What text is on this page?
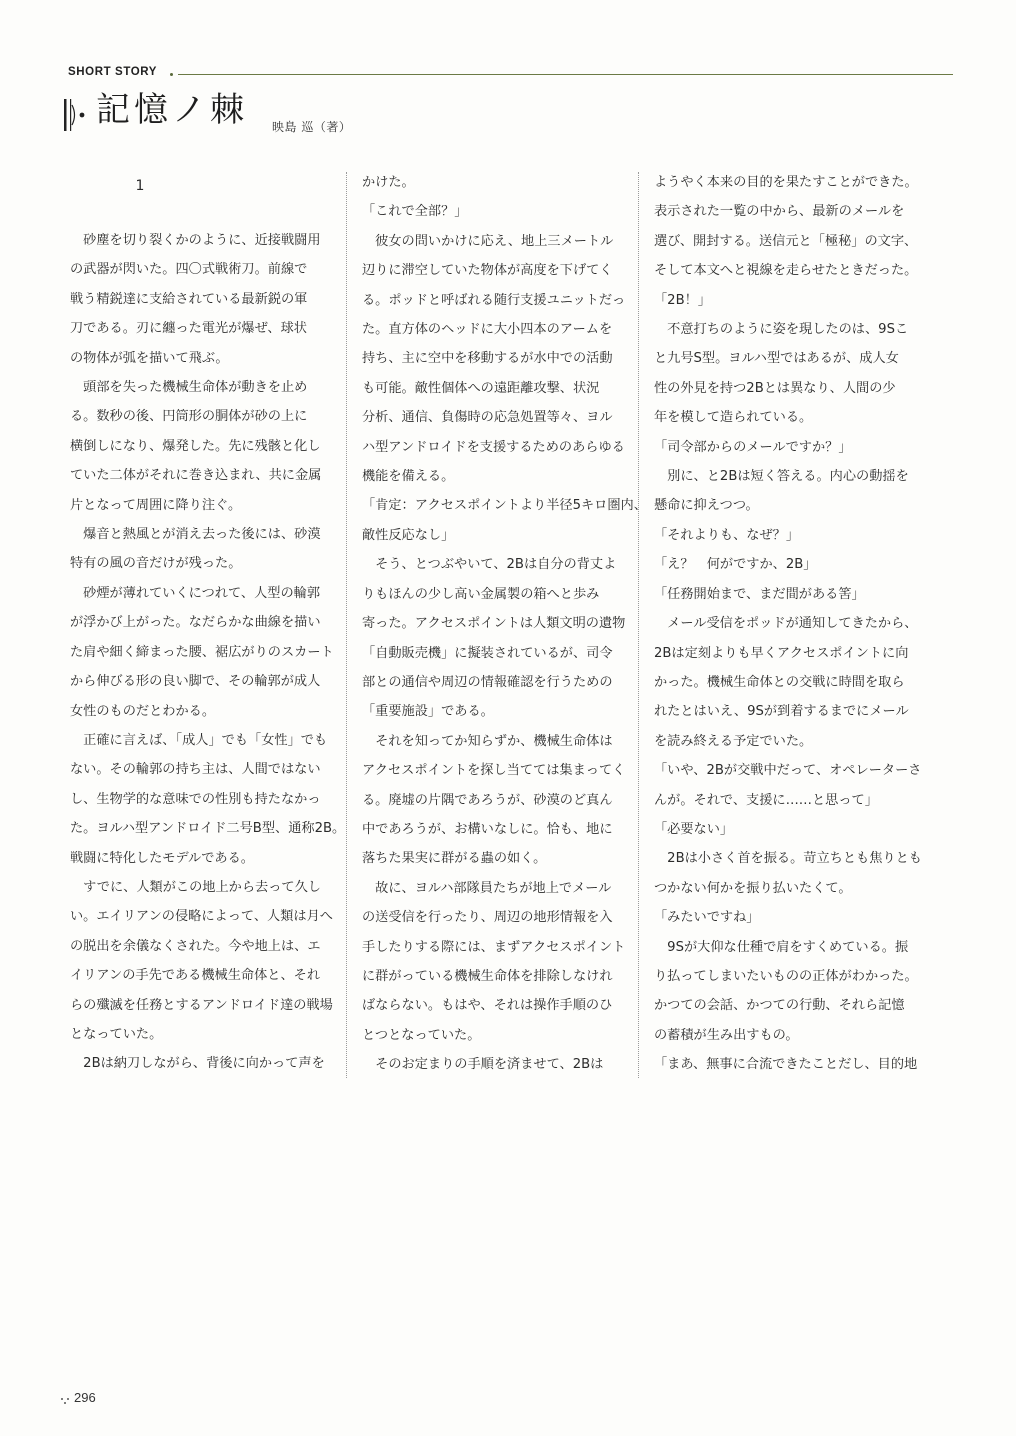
SHORT STORY
記憶ノ棘 映島 巡（著）
1

　砂塵を切り裂くかのように、近接戦闘用

の武器が閃いた。四〇式戦術刀。前線で

戦う精鋭達に支給されている最新鋭の軍

刀である。刃に纏った電光が爆ぜ、球状

の物体が弧を描いて飛ぶ。

　頭部を失った機械生命体が動きを止め

る。数秒の後、円筒形の胴体が砂の上に

横倒しになり、爆発した。先に残骸と化し

ていた二体がそれに巻き込まれ、共に金属

片となって周囲に降り注ぐ。

　爆音と熱風とが消え去った後には、砂漠

特有の風の音だけが残った。

　砂煙が薄れていくにつれて、人型の輪郭

が浮かび上がった。なだらかな曲線を描い

た肩や細く締まった腰、裾広がりのスカート

から伸びる形の良い脚で、その輪郭が成人

女性のものだとわかる。

　正確に言えば、「成人」でも「女性」でも

ない。その輪郭の持ち主は、人間ではない

し、生物学的な意味での性別も持たなかっ

た。ヨルハ型アンドロイド二号B型、通称2B。

戦闘に特化したモデルである。

　すでに、人類がこの地上から去って久し

い。エイリアンの侵略によって、人類は月へ

の脱出を余儀なくされた。今や地上は、エ

イリアンの手先である機械生命体と、それ

らの殲滅を任務とするアンドロイド達の戦場

となっていた。

　2Bは納刀しながら、背後に向かって声を

かけた。

「これで全部？」

　彼女の問いかけに応え、地上三メートル

辺りに滞空していた物体が高度を下げてく

る。ポッドと呼ばれる随行支援ユニットだっ

た。直方体のヘッドに大小四本のアームを

持ち、主に空中を移動するが水中での活動

も可能。敵性個体への遠距離攻撃、状況

分析、通信、負傷時の応急処置等々、ヨル

ハ型アンドロイドを支援するためのあらゆる

機能を備える。

「肯定：アクセスポイントより半径5キロ圏内、

敵性反応なし」

　そう、とつぶやいて、2Bは自分の背丈よ

りもほんの少し高い金属製の箱へと歩み

寄った。アクセスポイントは人類文明の遺物

「自動販売機」に擬装されているが、司令

部との通信や周辺の情報確認を行うための

「重要施設」である。

　それを知ってか知らずか、機械生命体は

アクセスポイントを探し当てては集まってく

る。廃墟の片隅であろうが、砂漠のど真ん

中であろうが、お構いなしに。恰も、地に

落ちた果実に群がる蟲の如く。

　故に、ヨルハ部隊員たちが地上でメール

の送受信を行ったり、周辺の地形情報を入

手したりする際には、まずアクセスポイント

に群がっている機械生命体を排除しなけれ

ばならない。もはや、それは操作手順のひ

とつとなっていた。

　そのお定まりの手順を済ませて、2Bは

ようやく本来の目的を果たすことができた。

表示された一覧の中から、最新のメールを

選び、開封する。送信元と「極秘」の文字、

そして本文へと視線を走らせたときだった。

「2B！」

　不意打ちのように姿を現したのは、9Sこ

と九号S型。ヨルハ型ではあるが、成人女

性の外見を持つ2Bとは異なり、人間の少

年を模して造られている。

「司令部からのメールですか？」

　別に、と2Bは短く答える。内心の動揺を

懸命に抑えつつ。

「それよりも、なぜ？」

「え？　何がですか、2B」

「任務開始まで、まだ間がある筈」

　メール受信をポッドが通知してきたから、

2Bは定刻よりも早くアクセスポイントに向

かった。機械生命体との交戦に時間を取ら

れたとはいえ、9Sが到着するまでにメール

を読み終える予定でいた。

「いや、2Bが交戦中だって、オペレーターさ

んが。それで、支援に……と思って」

「必要ない」

　2Bは小さく首を振る。苛立ちとも焦りとも

つかない何かを振り払いたくて。

「みたいですね」

　9Sが大仰な仕種で肩をすくめている。振

り払ってしまいたいものの正体がわかった。

かつての会話、かつての行動、それら記憶

の蓄積が生み出すもの。

「まあ、無事に合流できたことだし、目的地

296
